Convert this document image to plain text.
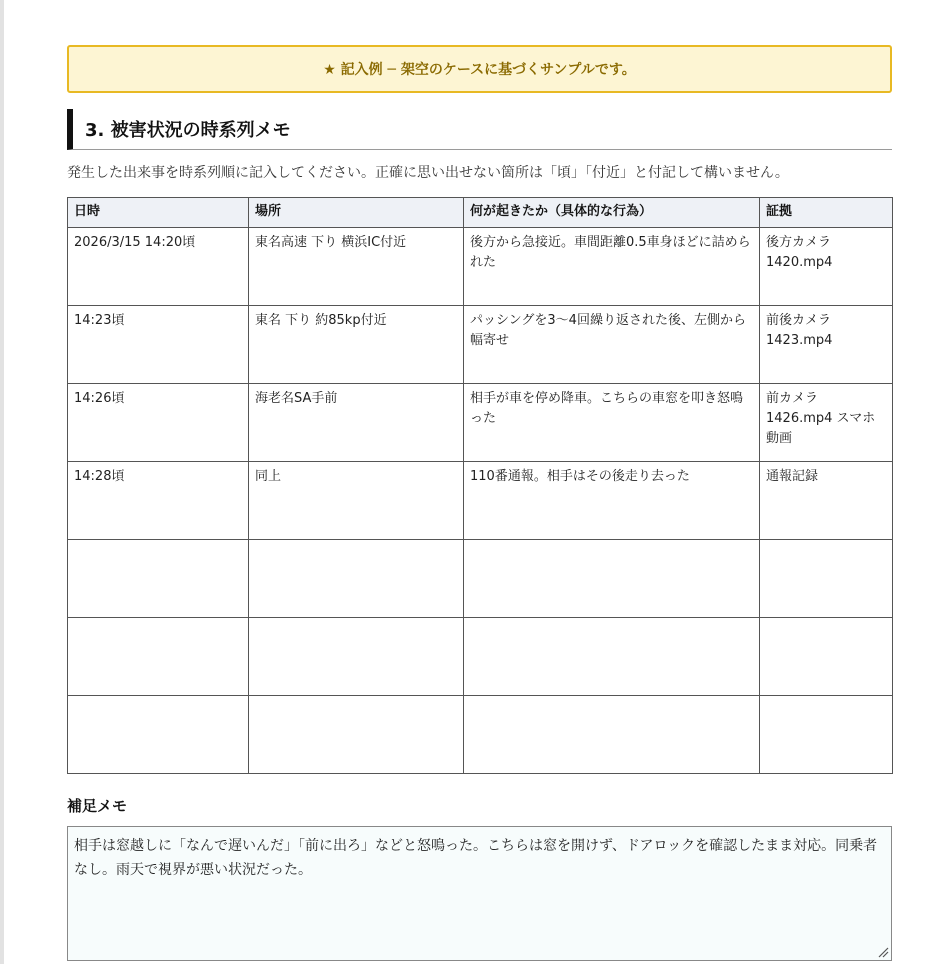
★ 記入例 ─ 架空のケースに基づくサンプルです。
3. 被害状況の時系列メモ
発生した出来事を時系列順に記入してください。正確に思い出せない箇所は「頃」「付近」と付記して構いません。
日時	場所	何が起きたか（具体的な行為）	証拠
2026/3/15 14:20頃	東名高速 下り 横浜IC付近	後方から急接近。車間距離0.5車身ほどに詰められた	後方カメラ 1420.mp4
14:23頃	東名 下り 約85kp付近	パッシングを3〜4回繰り返された後、左側から幅寄せ	前後カメラ 1423.mp4
14:26頃	海老名SA手前	相手が車を停め降車。こちらの車窓を叩き怒鳴った	前カメラ 1426.mp4 スマホ動画
14:28頃	同上	110番通報。相手はその後走り去った	通報記録

補足メモ
相手は窓越しに「なんで遅いんだ」「前に出ろ」などと怒鳴った。こちらは窓を開けず、ドアロックを確認したまま対応。同乗者なし。雨天で視界が悪い状況だった。
